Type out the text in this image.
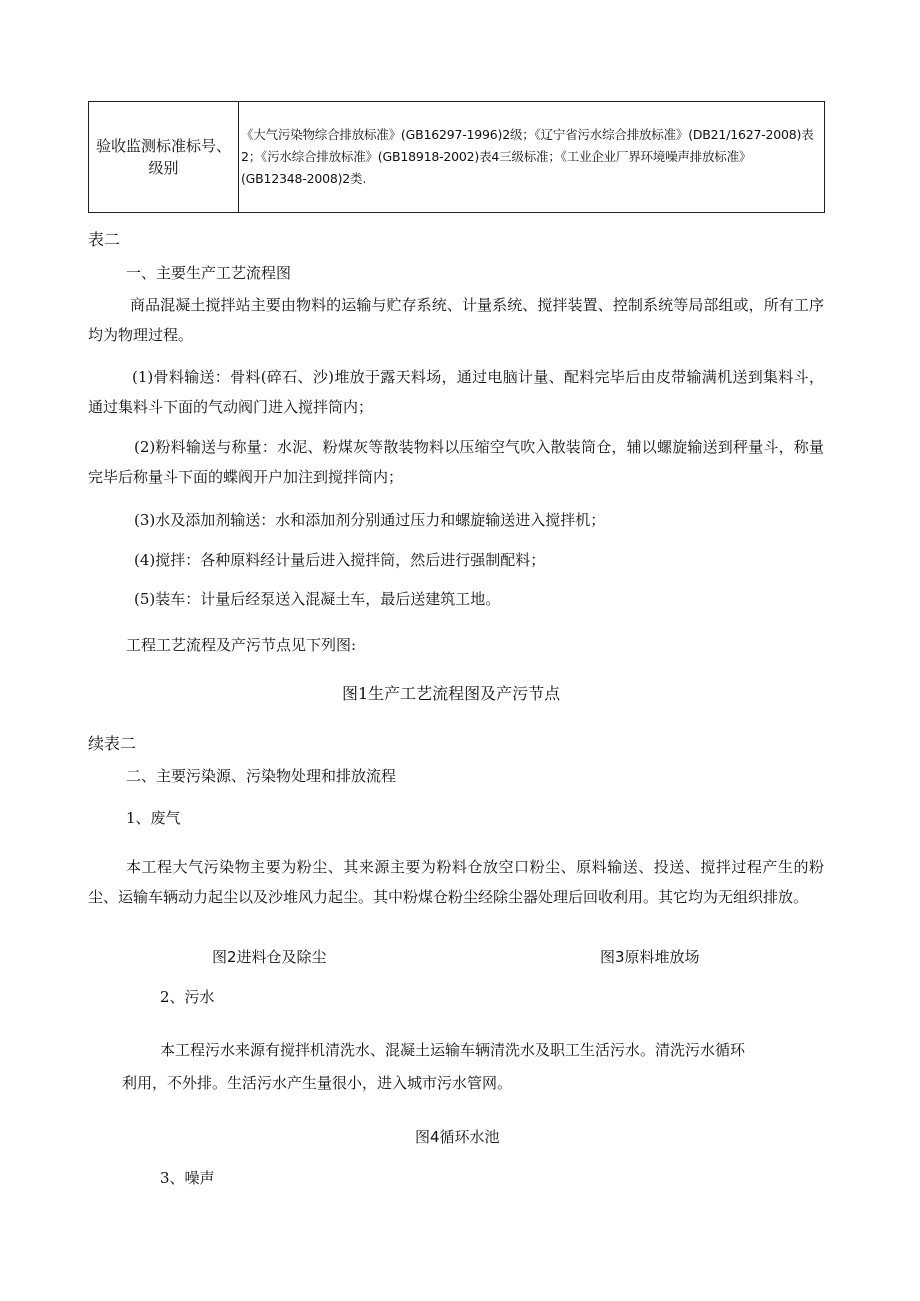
验收监测标准标号、级别
《大气污染物综合排放标准》(GB16297-1996)2级；《辽宁省污水综合排放标准》(DB21/1627-2008)表2；《污水综合排放标准》(GB18918-2002)表4三级标准；《工业企业厂界环境噪声排放标准》(GB12348-2008)2类.
表二
一、主要生产工艺流程图
商品混凝土搅拌站主要由物料的运输与贮存系统、计量系统、搅拌装置、控制系统等局部组或，所有工序均为物理过程。
(1)骨料输送：骨料(碎石、沙)堆放于露天料场，通过电脑计量、配料完毕后由皮带输满机送到集料斗，通过集料斗下面的气动阀门进入搅拌筒内；
(2)粉料输送与称量：水泥、粉煤灰等散装物料以压缩空气吹入散装筒仓，辅以螺旋输送到秤量斗，称量完毕后称量斗下面的蝶阀开户加注到搅拌筒内；
(3)水及添加剂输送：水和添加剂分别通过压力和螺旋输送进入搅拌机；
(4)搅拌：各种原料经计量后进入搅拌筒，然后进行强制配料；
(5)装车：计量后经泵送入混凝土车，最后送建筑工地。
工程工艺流程及产污节点见下列图:
图1生产工艺流程图及产污节点
续表二
二、主要污染源、污染物处理和排放流程
1、废气
本工程大气污染物主要为粉尘、其来源主要为粉料仓放空口粉尘、原料输送、投送、搅拌过程产生的粉尘、运输车辆动力起尘以及沙堆风力起尘。其中粉煤仓粉尘经除尘器处理后回收利用。其它均为无组织排放。
图2进料仓及除尘	图3原料堆放场
2、污水
本工程污水来源有搅拌机清洗水、混凝土运输车辆清洗水及职工生活污水。清洗污水循环
利用，不外排。生活污水产生量很小，进入城市污水管网。
图4循环水池
3、噪声
